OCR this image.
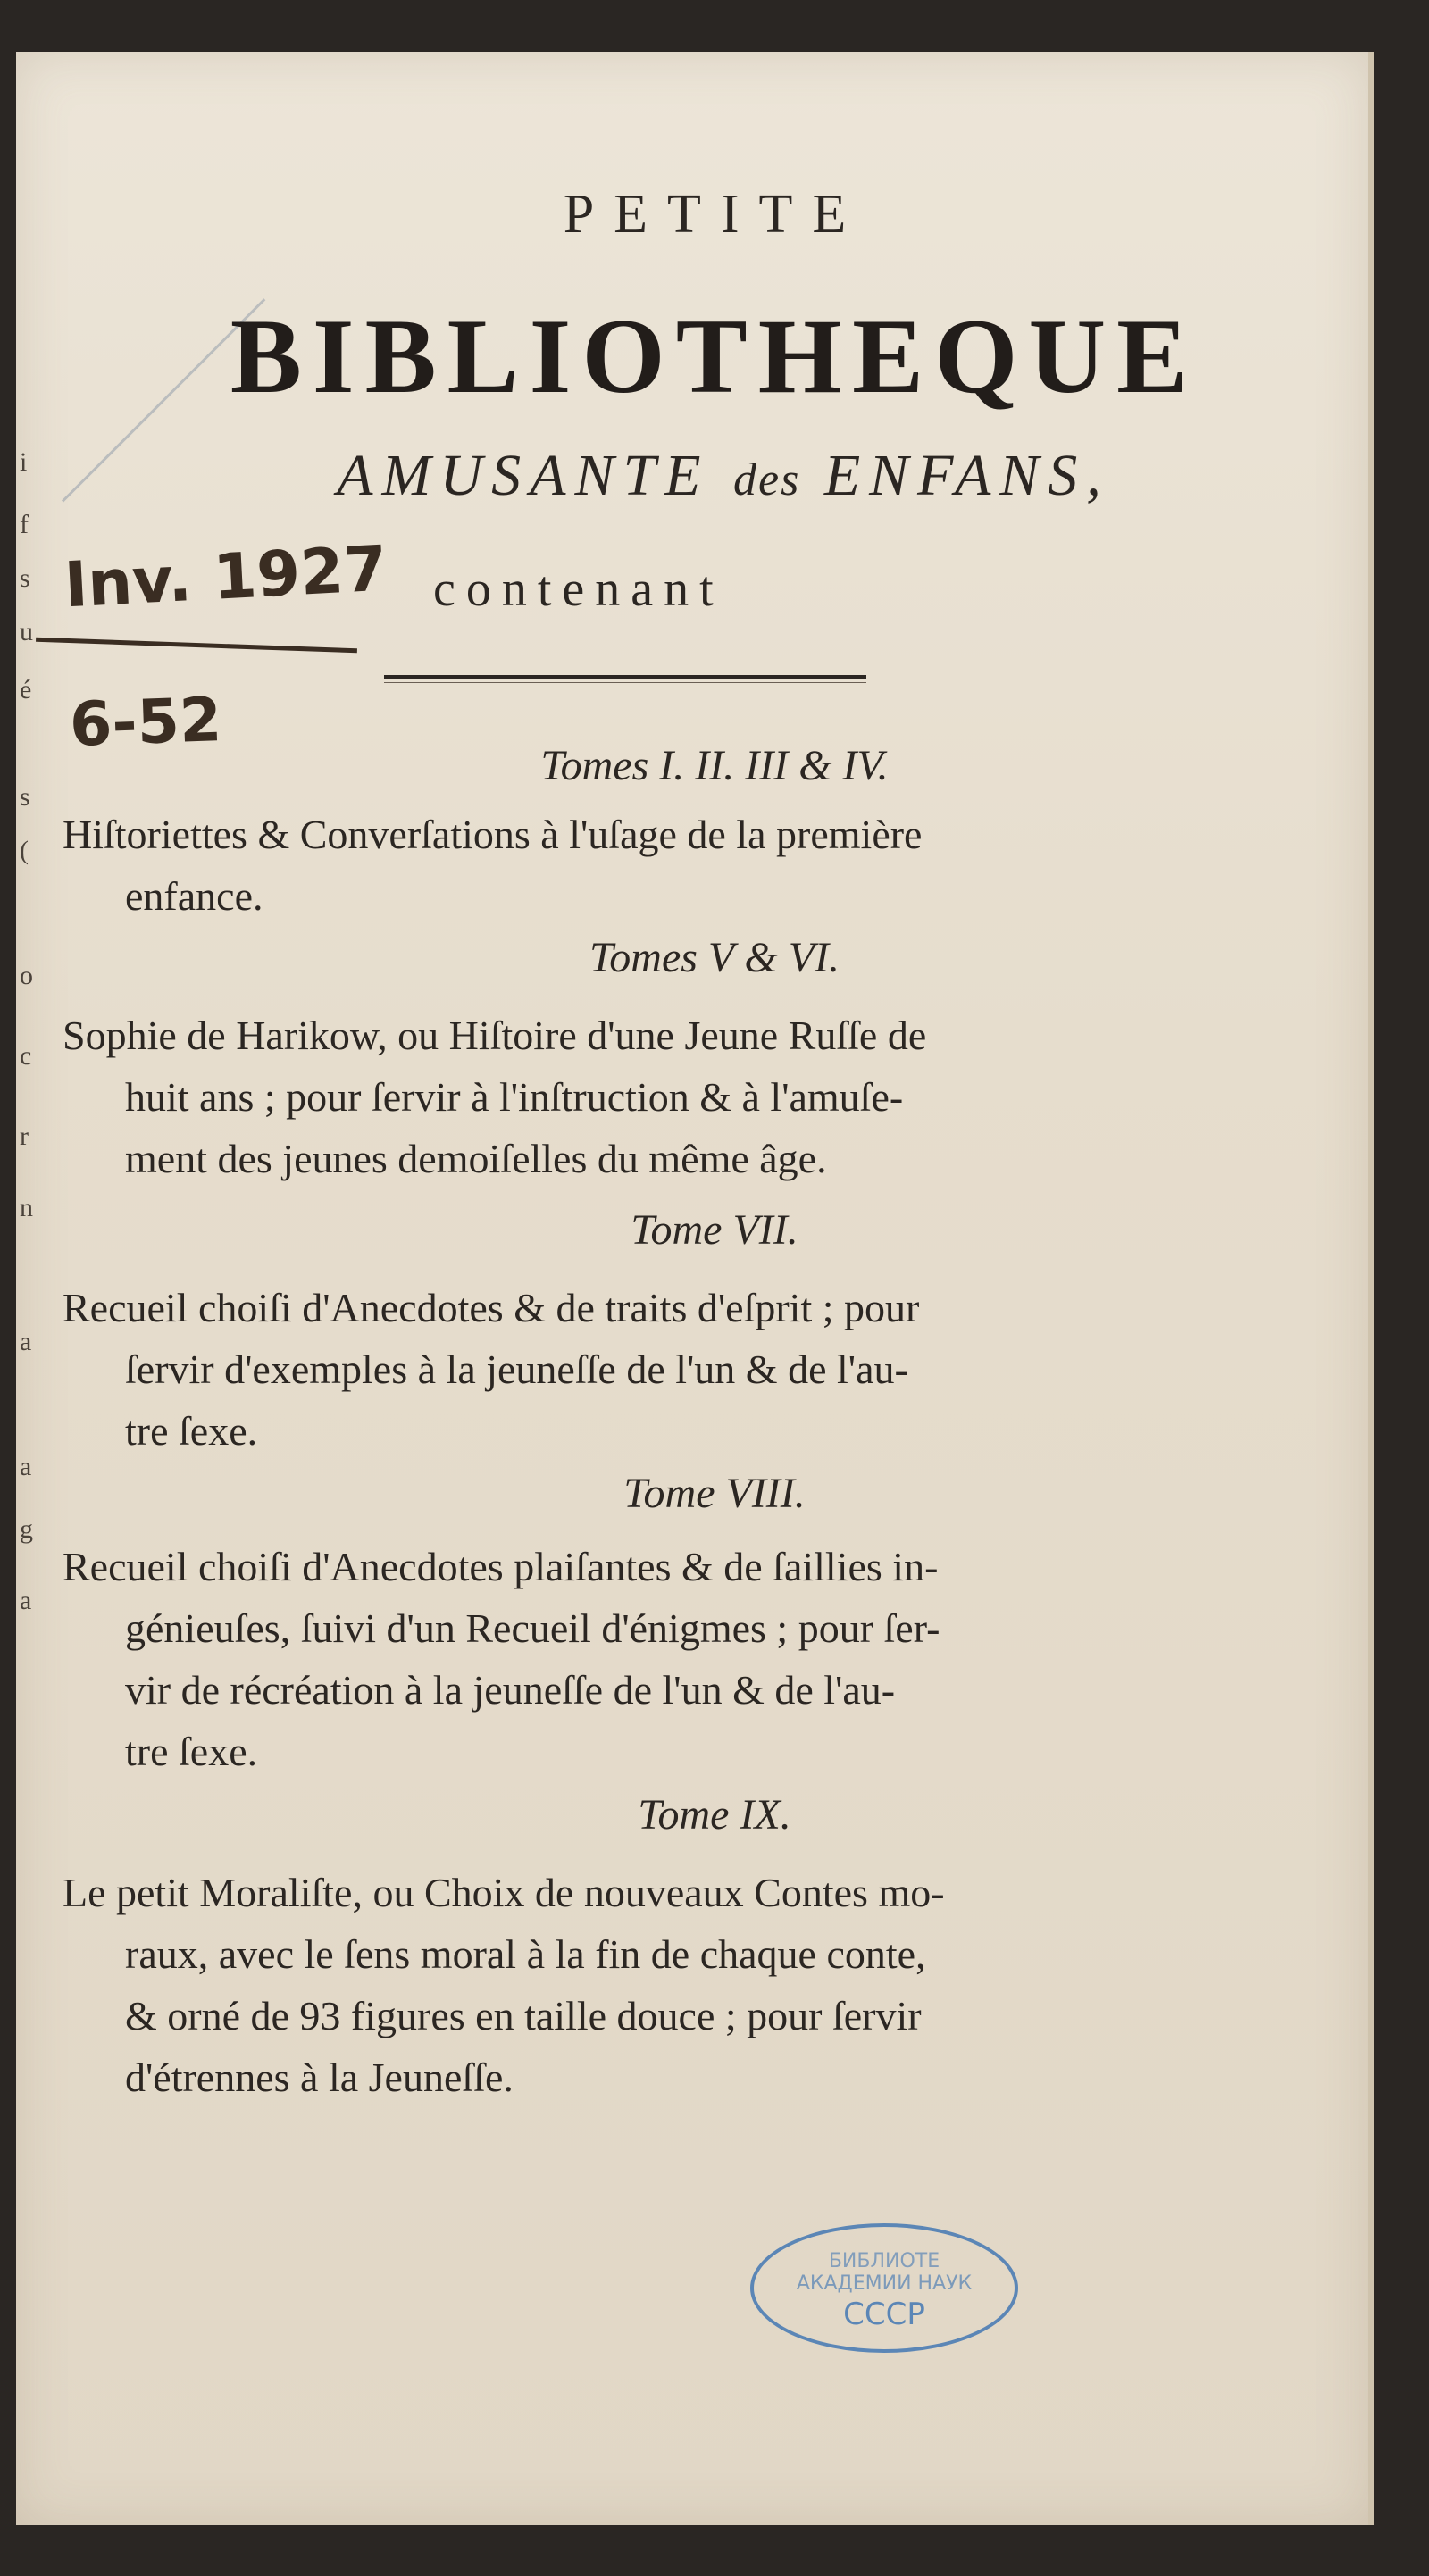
i
f
s
u
é
s
(
o
c
r
n
a
a
g
a
Inv. 1927
6-52
PETITE
BIBLIOTHEQUE
AMUSANTE des ENFANS,
contenant
Tomes I. II. III & IV.
Hiſtoriettes & Converſations à l'uſage de la première
enfance.
Tomes V & VI.
Sophie de Harikow, ou Hiſtoire d'une Jeune Ruſſe de
huit ans ; pour ſervir à l'inſtruction & à l'amuſe-
ment des jeunes demoiſelles du même âge.
Tome VII.
Recueil choiſi d'Anecdotes & de traits d'eſprit ; pour
ſervir d'exemples à la jeuneſſe de l'un & de l'au-
tre ſexe.
Tome VIII.
Recueil choiſi d'Anecdotes plaiſantes & de ſaillies in-
génieuſes, ſuivi d'un Recueil d'énigmes ; pour ſer-
vir de récréation à la jeuneſſe de l'un & de l'au-
tre ſexe.
Tome IX.
Le petit Moraliſte, ou Choix de nouveaux Contes mo-
raux, avec le ſens moral à la fin de chaque conte,
& orné de 93 figures en taille douce ; pour ſervir
d'étrennes à la Jeuneſſe.
БИБЛИОТЕ
АКАДЕМИИ НАУК
СССР
